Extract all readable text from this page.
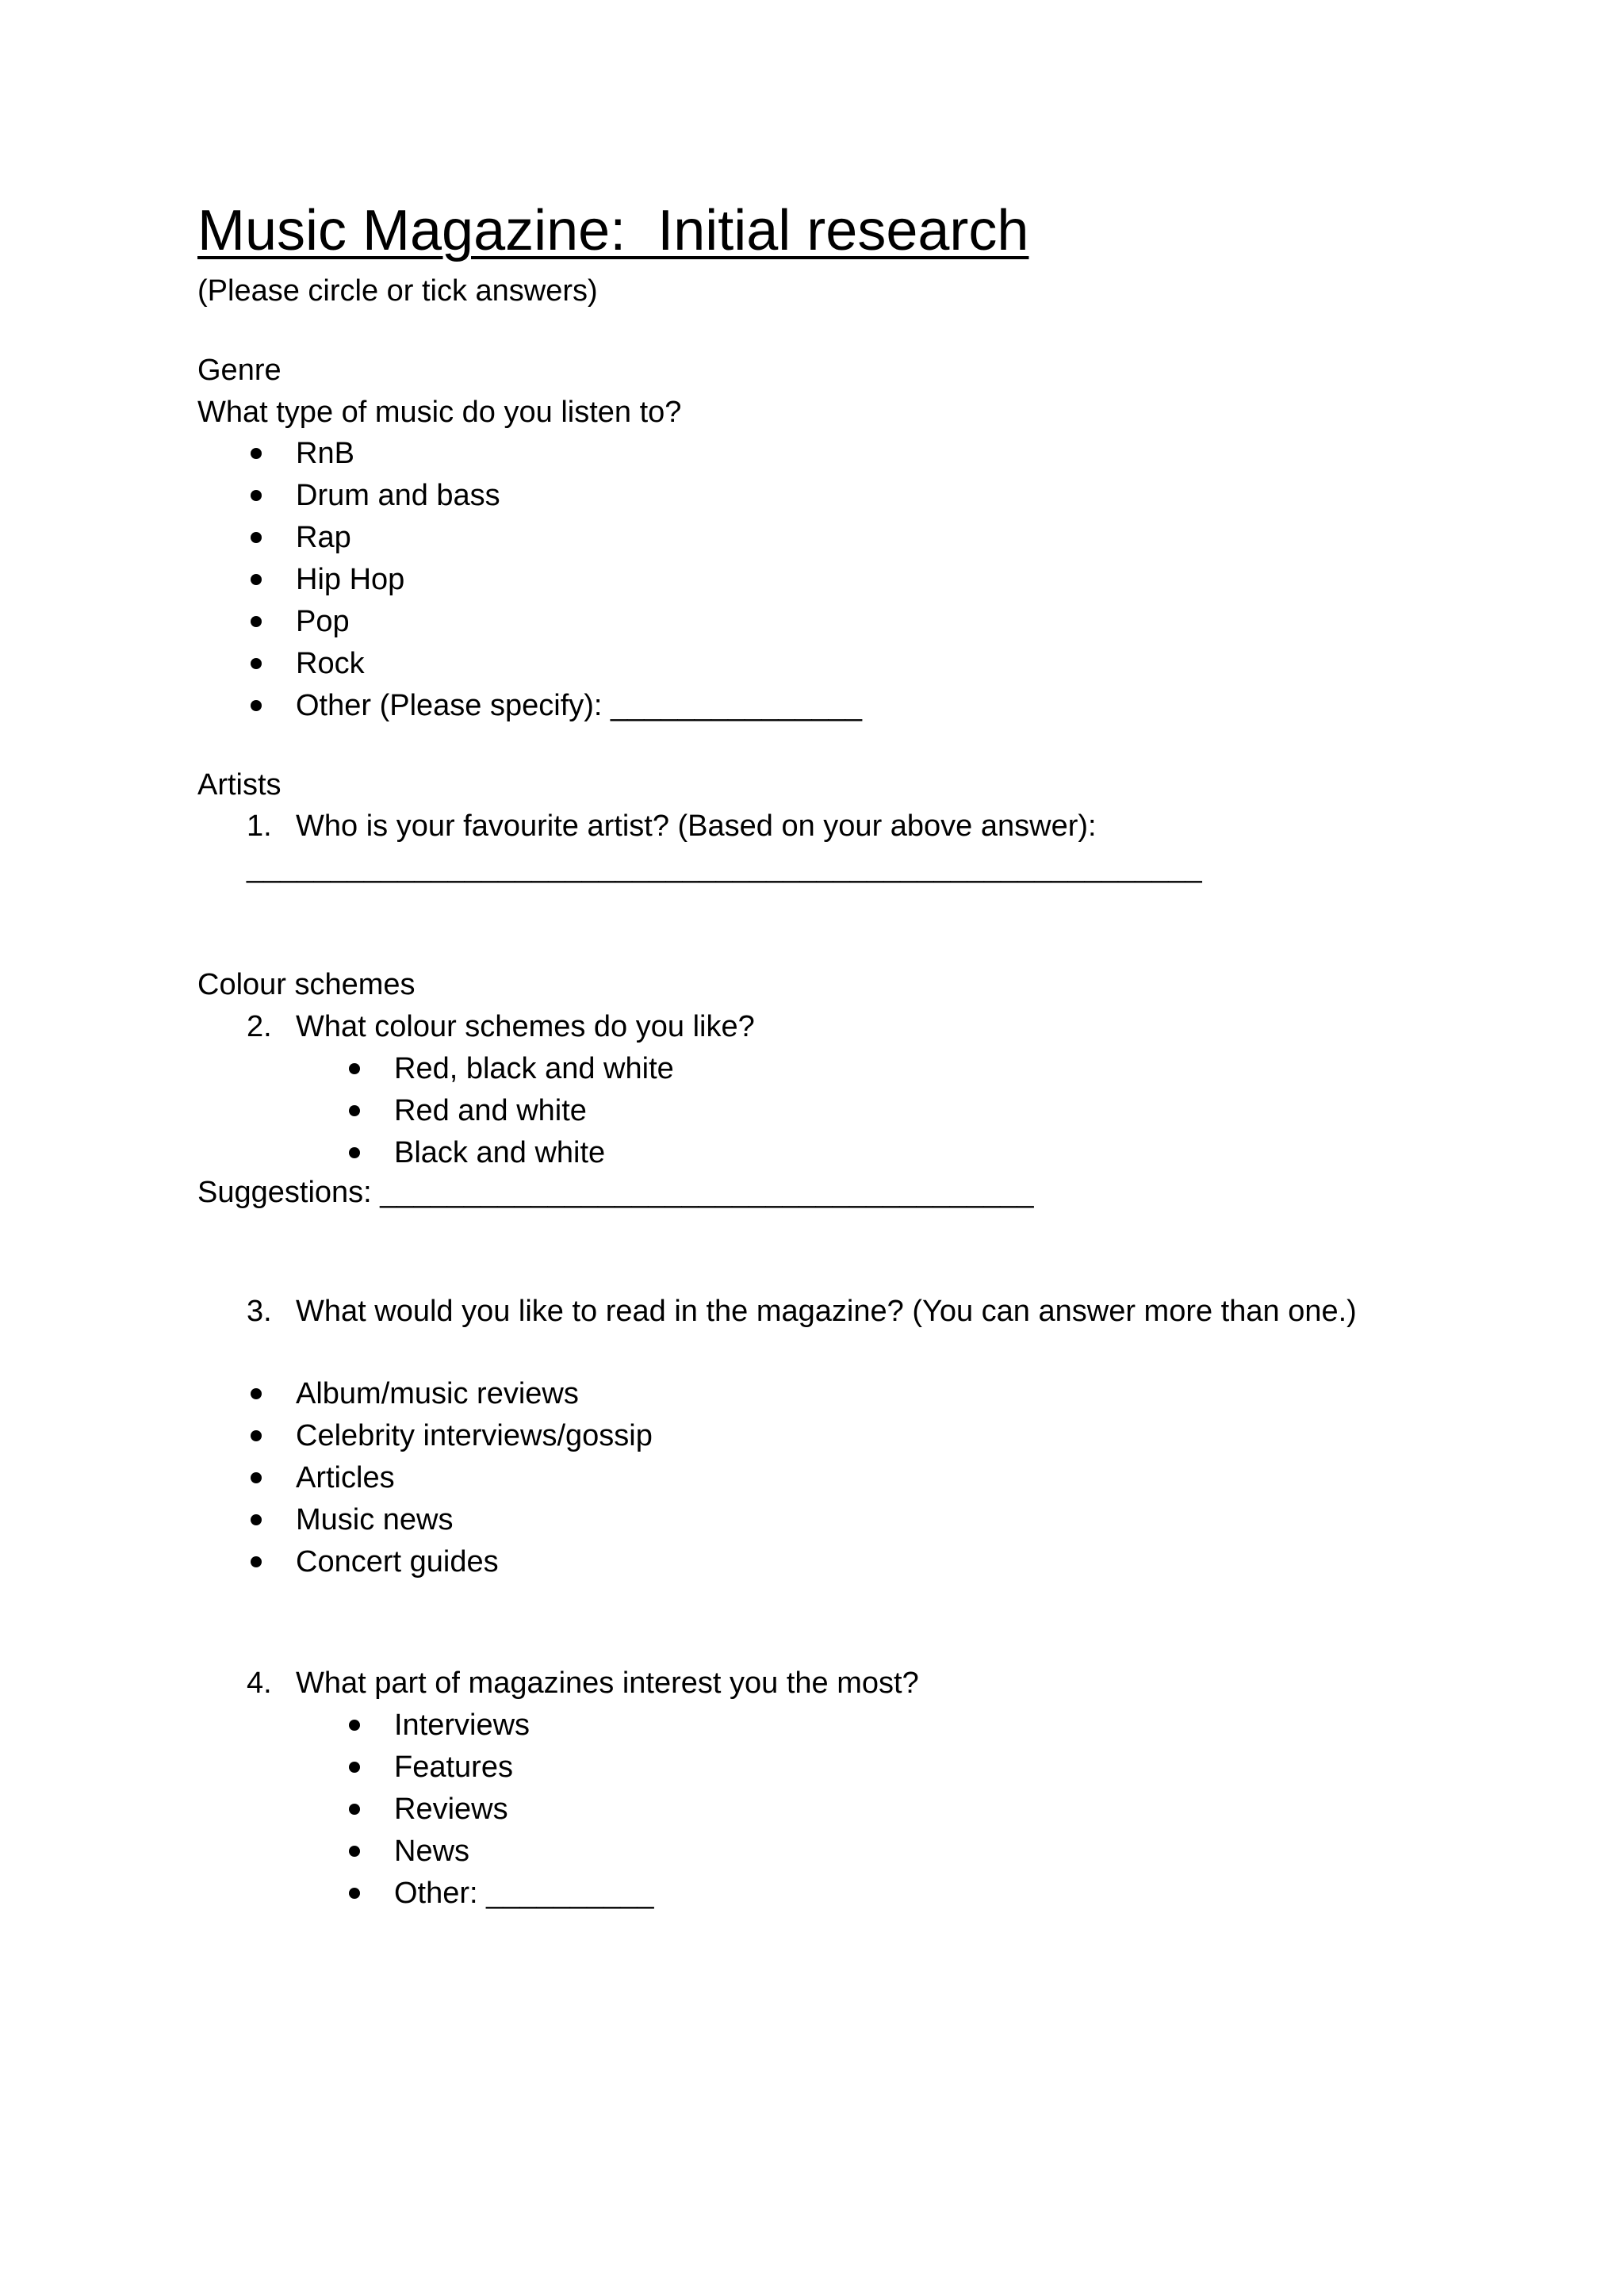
Music Magazine:  Initial research
(Please circle or tick answers)
Genre
What type of music do you listen to?
RnB
Drum and bass
Rap
Hip Hop
Pop
Rock
Other (Please specify): _______________
Artists
1. Who is your favourite artist? (Based on your above answer):
_________________________________________________________
Colour schemes
2. What colour schemes do you like?
Red, black and white
Red and white
Black and white
Suggestions: _______________________________________
3. What would you like to read in the magazine? (You can answer more than one.)
Album/music reviews
Celebrity interviews/gossip
Articles
Music news
Concert guides
4. What part of magazines interest you the most?
Interviews
Features
Reviews
News
Other: __________
